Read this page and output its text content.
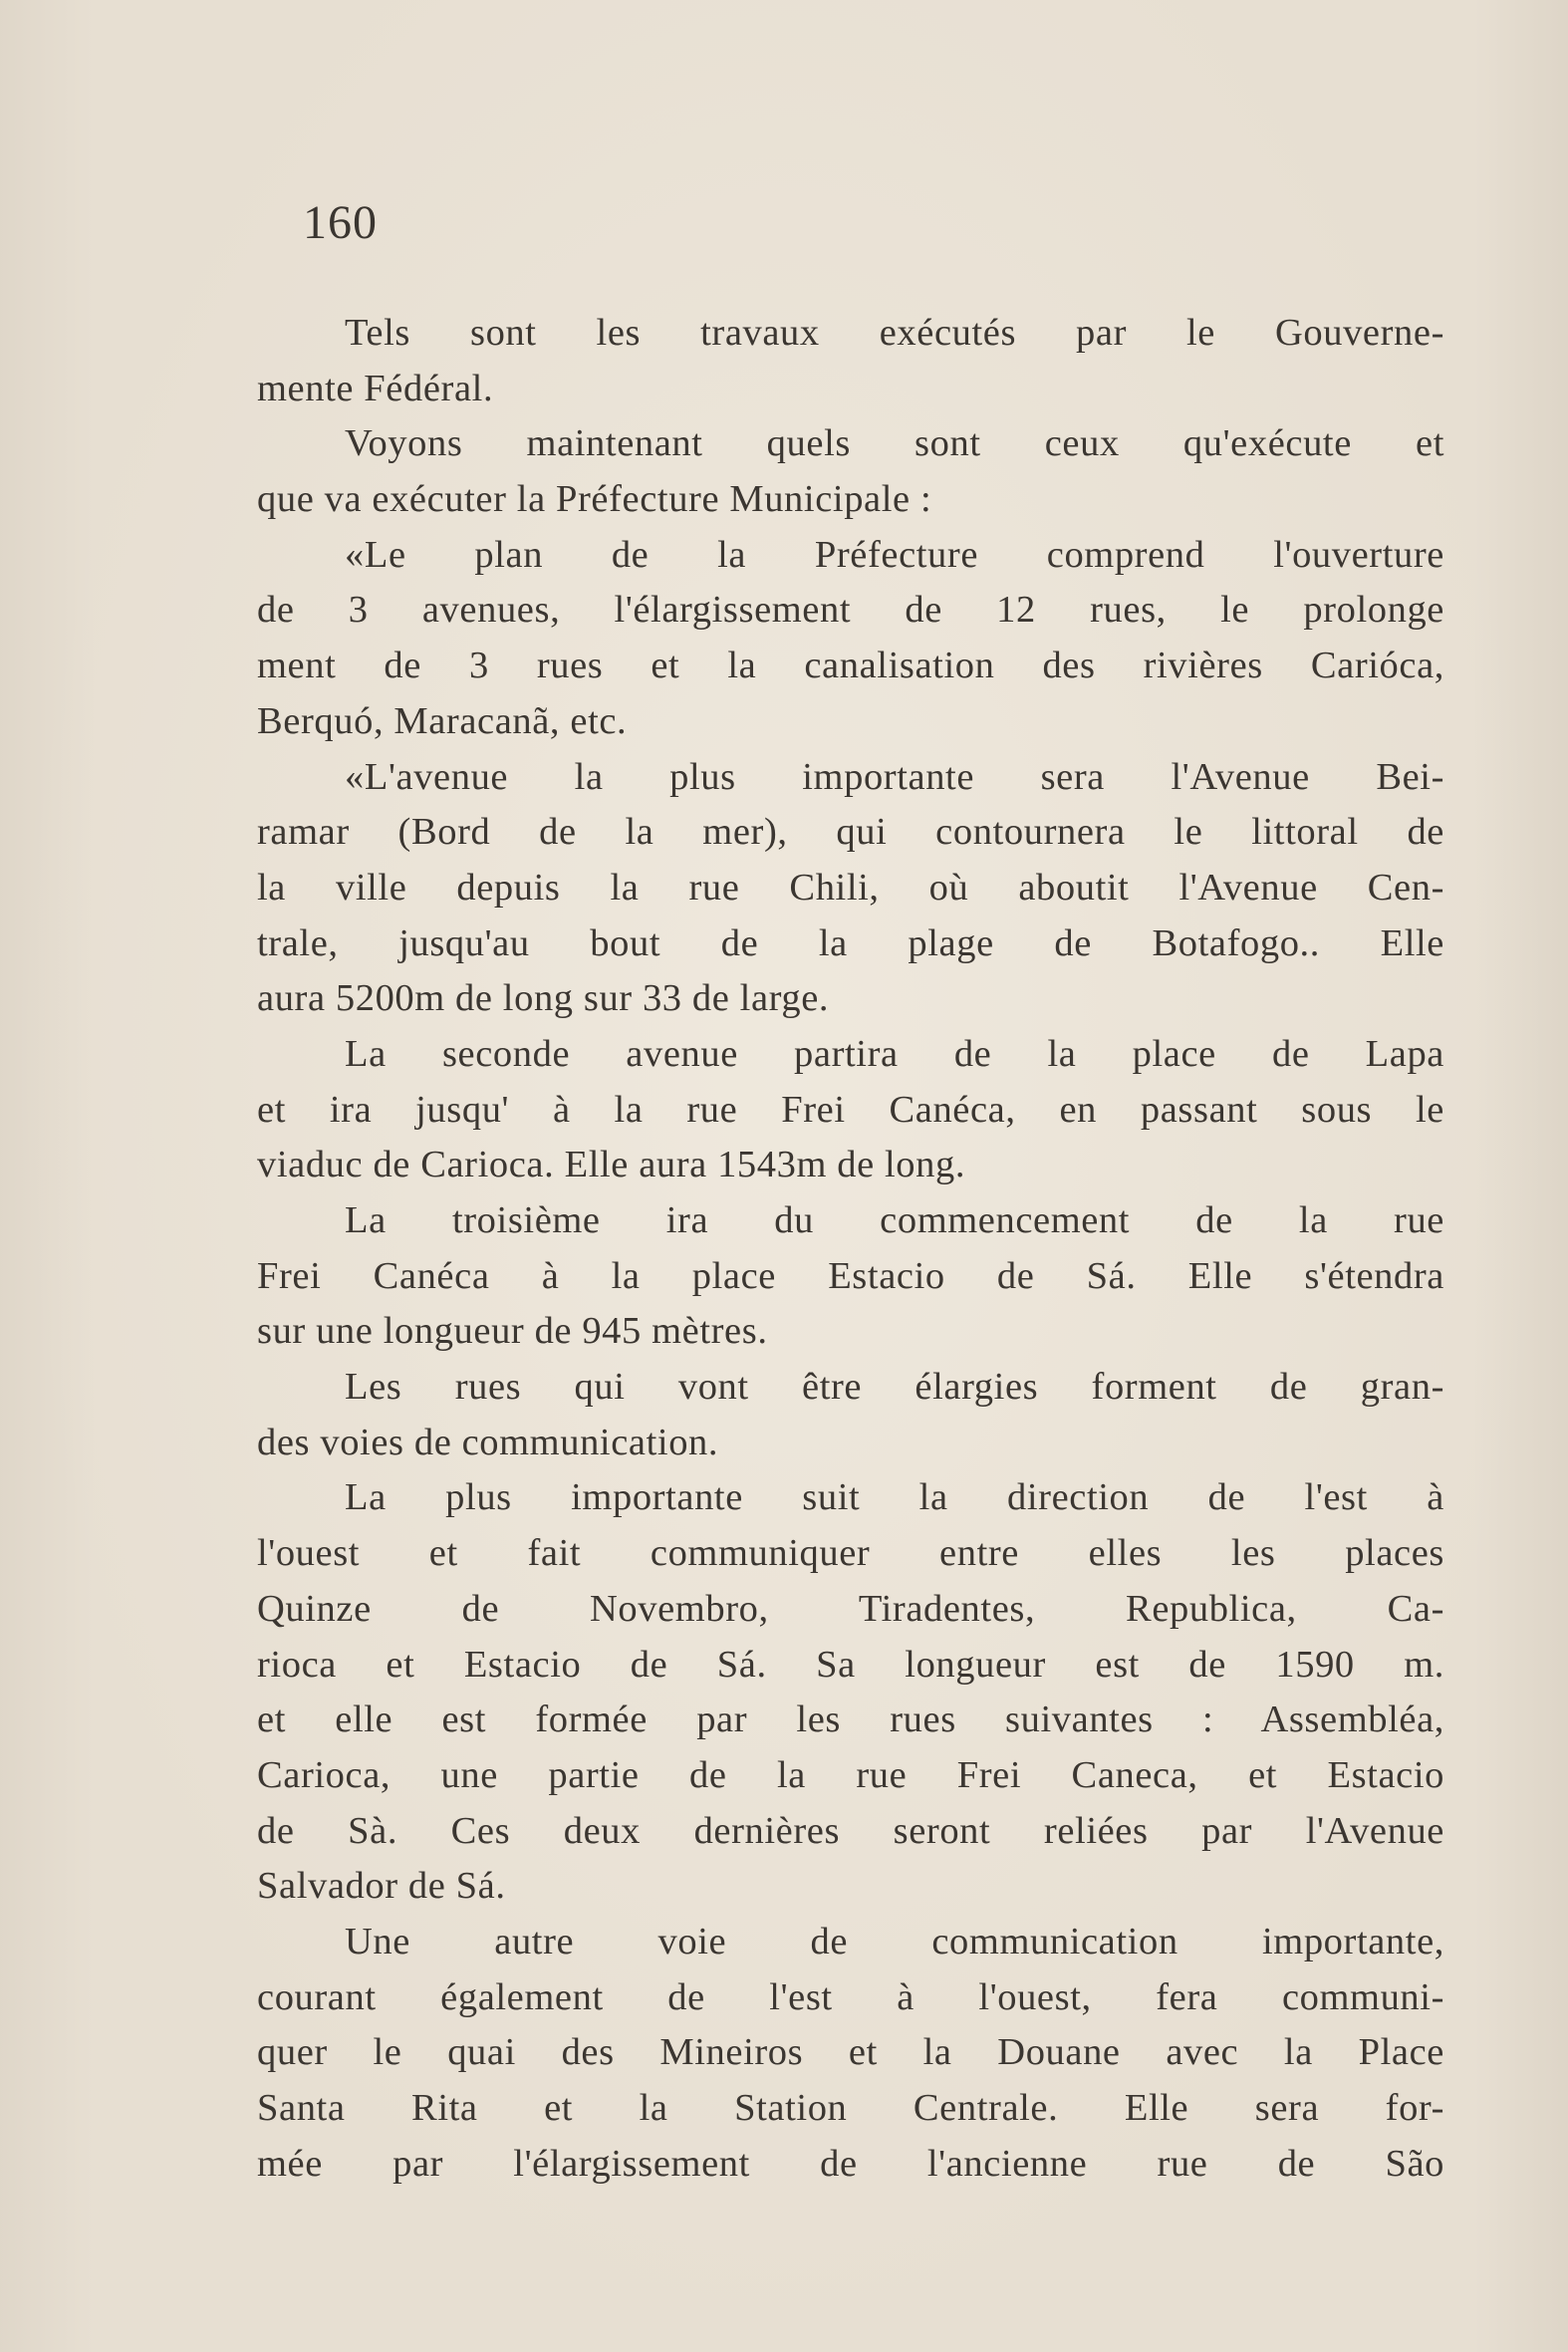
160

Tels sont les travaux exécutés par le Gouverne-
mente Fédéral.
Voyons maintenant quels sont ceux qu'exécute et
que va exécuter la Préfecture Municipale :
«Le plan de la Préfecture comprend l'ouverture
de 3 avenues, l'élargissement de 12 rues, le prolonge
ment de 3 rues et la canalisation des rivières Carióca,
Berquó, Maracanã, etc.
«L'avenue la plus importante sera l'Avenue Bei-
ramar (Bord de la mer), qui contournera le littoral de
la ville depuis la rue Chili, où aboutit l'Avenue Cen-
trale, jusqu'au bout de la plage de Botafogo.. Elle
aura 5200m de long sur 33 de large.
La seconde avenue partira de la place de Lapa
et ira jusqu' à la rue Frei Canéca, en passant sous le
viaduc de Carioca. Elle aura 1543m de long.
La troisième ira du commencement de la rue
Frei Canéca à la place Estacio de Sá. Elle s'étendra
sur une longueur de 945 mètres.
Les rues qui vont être élargies forment de gran-
des voies de communication.
La plus importante suit la direction de l'est à
l'ouest et fait communiquer entre elles les places
Quinze de Novembro, Tiradentes, Republica, Ca-
rioca et Estacio de Sá. Sa longueur est de 1590 m.
et elle est formée par les rues suivantes : Assembléa,
Carioca, une partie de la rue Frei Caneca, et Estacio
de Sà. Ces deux dernières seront reliées par l'Avenue
Salvador de Sá.
Une autre voie de communication importante,
courant également de l'est à l'ouest, fera communi-
quer le quai des Mineiros et la Douane avec la Place
Santa Rita et la Station Centrale. Elle sera for-
mée par l'élargissement de l'ancienne rue de São
